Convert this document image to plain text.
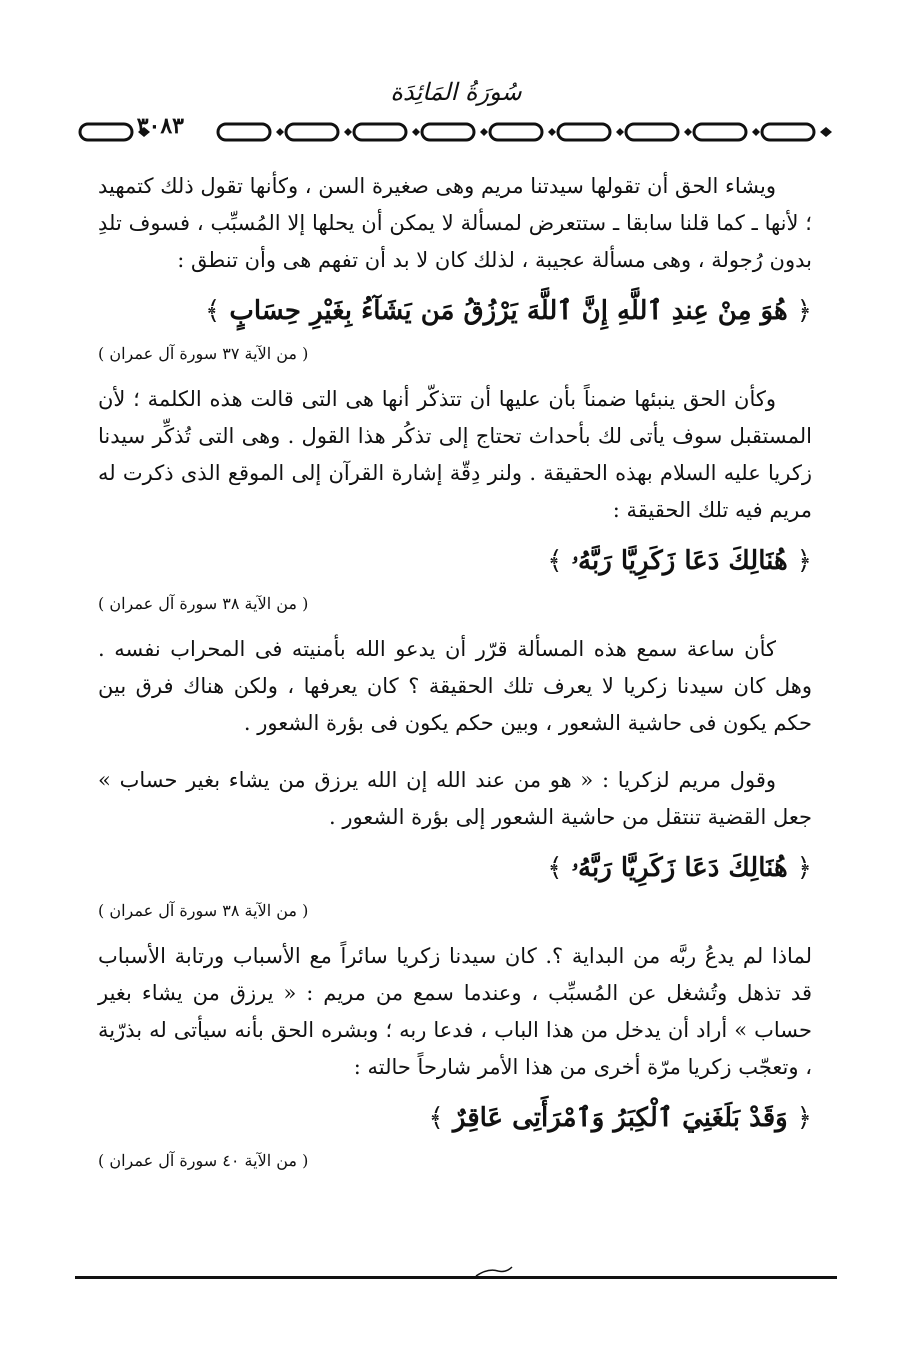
سُورَةُ المَائِدَة
٣٠٨٣

ويشاء الحق أن تقولها سيدتنا مريم وهى صغيرة السن ، وكأنها تقول ذلك كتمهيد ؛ لأنها ـ كما قلنا سابقا ـ ستتعرض لمسألة لا يمكن أن يحلها إلا المُسبِّب ، فسوف تلدِ بدون رُجولة ، وهى مسألة عجيبة ، لذلك كان لا بد أن تفهم هى وأن تنطق :

﴿ هُوَ مِنْ عِندِ ٱللَّهِ إِنَّ ٱللَّهَ يَرْزُقُ مَن يَشَآءُ بِغَيْرِ حِسَابٍ ﴾
( من الآية ٣٧ سورة آل عمران )

وكأن الحق ينبئها ضمناً بأن عليها أن تتذكّر أنها هى التى قالت هذه الكلمة ؛ لأن المستقبل سوف يأتى لك بأحداث تحتاج إلى تذكُر هذا القول . وهى التى تُذكِّر سيدنا زكريا عليه السلام بهذه الحقيقة . ولنر دِقّة إشارة القرآن إلى الموقع الذى ذكرت له مريم فيه تلك الحقيقة :

﴿ هُنَالِكَ دَعَا زَكَرِيَّا رَبَّهُۥ ﴾
( من الآية ٣٨ سورة آل عمران )

كأن ساعة سمع هذه المسألة قرّر أن يدعو الله بأمنيته فى المحراب نفسه . وهل كان سيدنا زكريا لا يعرف تلك الحقيقة ؟ كان يعرفها ، ولكن هناك فرق بين حكم يكون فى حاشية الشعور ، وبين حكم يكون فى بؤرة الشعور .

وقول مريم لزكريا : « هو من عند الله إن الله يرزق من يشاء بغير حساب » جعل القضية تنتقل من حاشية الشعور إلى بؤرة الشعور .

﴿ هُنَالِكَ دَعَا زَكَرِيَّا رَبَّهُۥ ﴾
( من الآية ٣٨ سورة آل عمران )

لماذا لم يدعُ ربَّه من البداية ؟. كان سيدنا زكريا سائراً مع الأسباب ورتابة الأسباب قد تذهل وتُشغل عن المُسبِّب ، وعندما سمع من مريم : « يرزق من يشاء بغير حساب » أراد أن يدخل من هذا الباب ، فدعا ربه ؛ وبشره الحق بأنه سيأتى له بذرّية ، وتعجّب زكريا مرّة أخرى من هذا الأمر شارحاً حالته :

﴿ وَقَدْ بَلَغَنِيَ ٱلْكِبَرُ وَٱمْرَأَتِى عَاقِرٌ ﴾
( من الآية ٤٠ سورة آل عمران )
